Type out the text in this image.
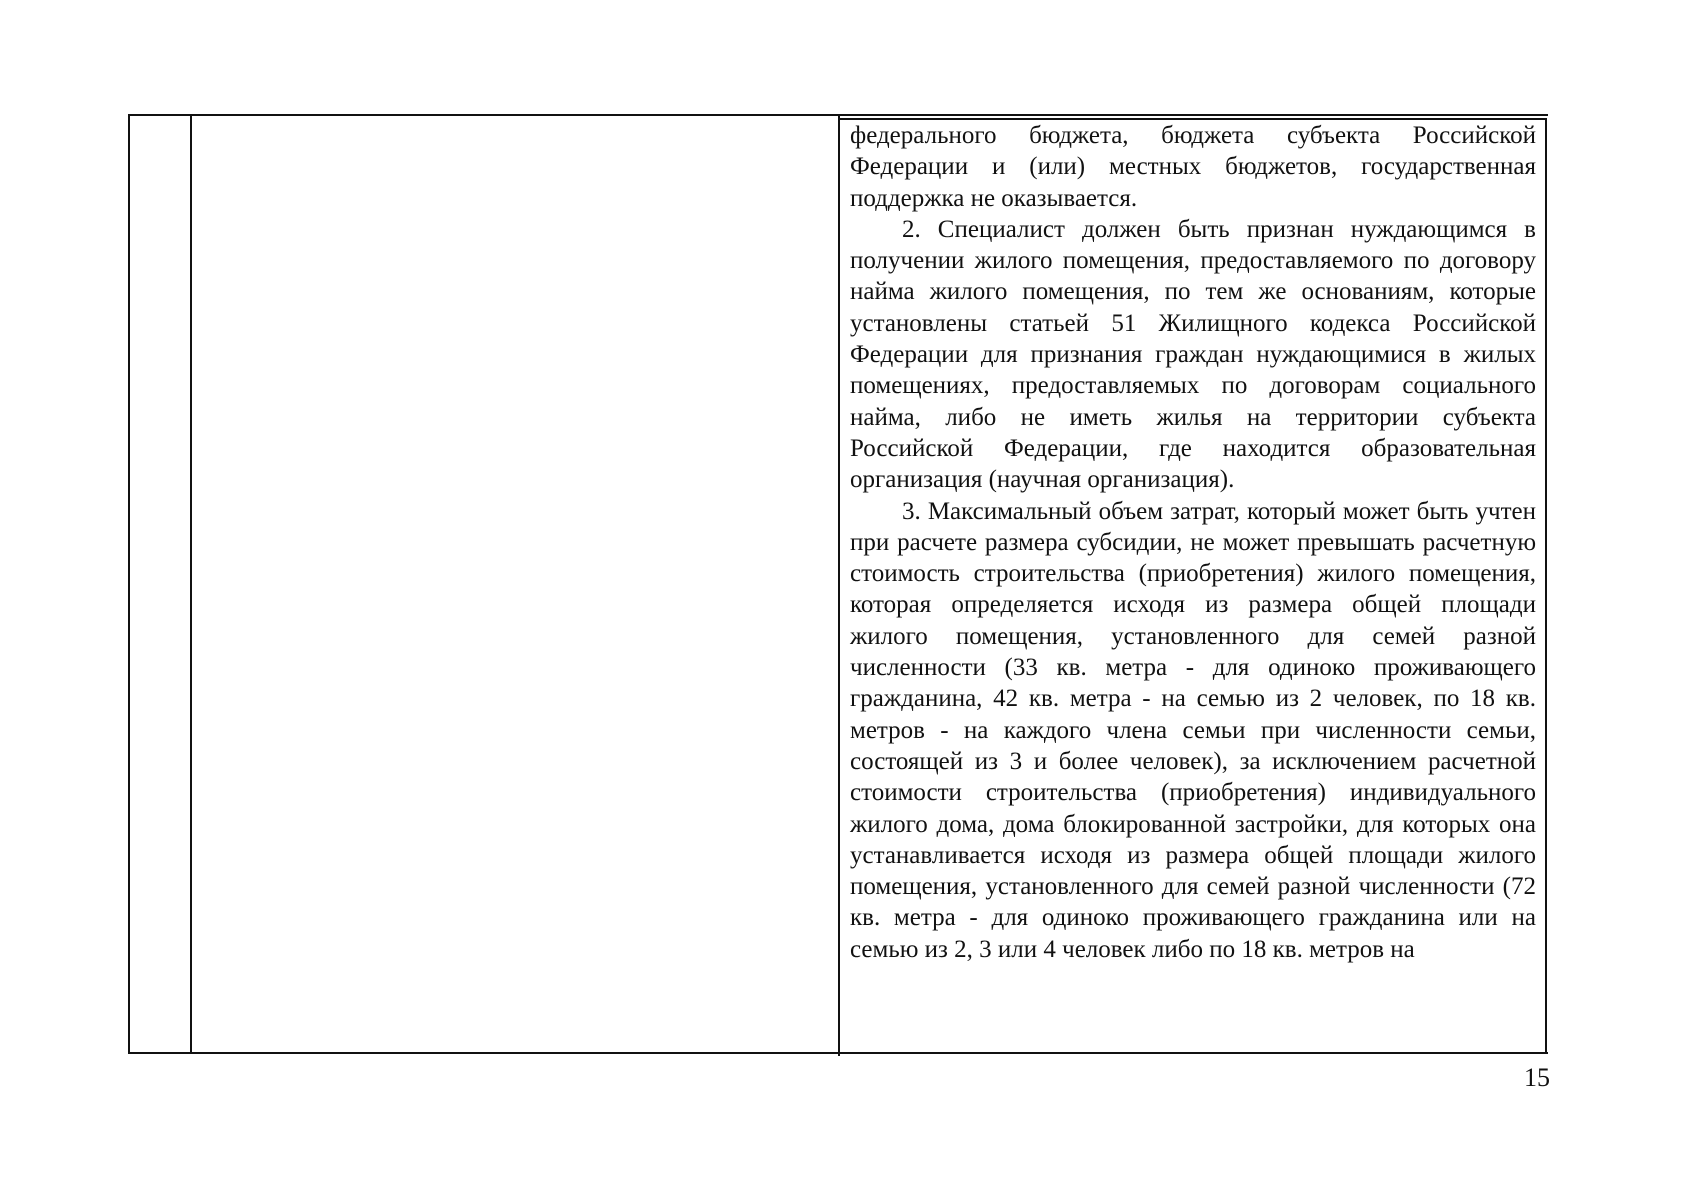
федерального бюджета, бюджета субъекта Российской Федерации и (или) местных бюджетов, государственная поддержка не оказывается.

2. Специалист должен быть признан нуждающимся в получении жилого помещения, предоставляемого по договору найма жилого помещения, по тем же основаниям, которые установлены статьей 51 Жилищного кодекса Российской Федерации для признания граждан нуждающимися в жилых помещениях, предоставляемых по договорам социального найма, либо не иметь жилья на территории субъекта Российской Федерации, где находится образовательная организация (научная организация).

3. Максимальный объем затрат, который может быть учтен при расчете размера субсидии, не может превышать расчетную стоимость строительства (приобретения) жилого помещения, которая определяется исходя из размера общей площади жилого помещения, установленного для семей разной численности (33 кв. метра - для одиноко проживающего гражданина, 42 кв. метра - на семью из 2 человек, по 18 кв. метров - на каждого члена семьи при численности семьи, состоящей из 3 и более человек), за исключением расчетной стоимости строительства (приобретения) индивидуального жилого дома, дома блокированной застройки, для которых она устанавливается исходя из размера общей площади жилого помещения, установленного для семей разной численности (72 кв. метра - для одиноко проживающего гражданина или на семью из 2, 3 или 4 человек либо по 18 кв. метров на

15
